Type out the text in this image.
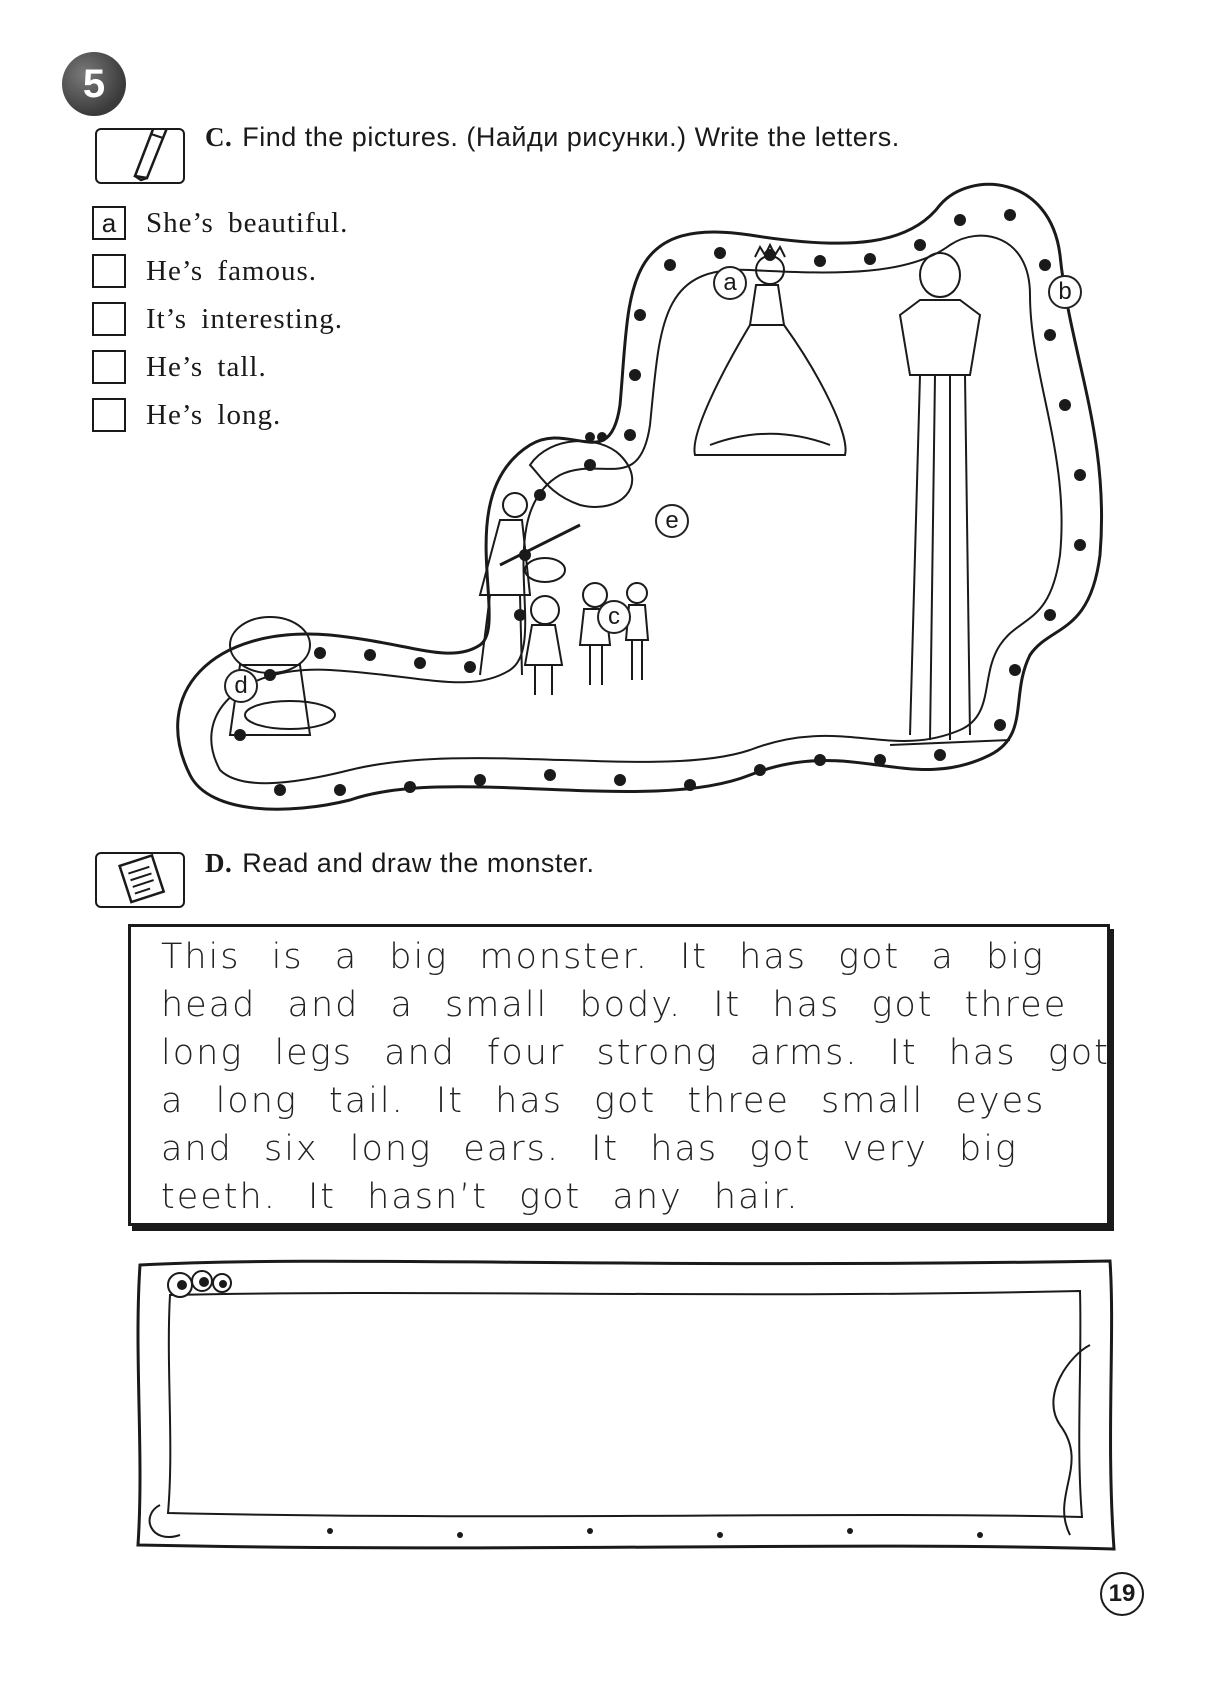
5
C. Find the pictures. (Найди рисунки.) Write the letters.
a	She’s beautiful.
He’s famous.
It’s interesting.
He’s tall.
He’s long.
a	b
c
d
e
D. Read and draw the monster.
This is a big monster. It has got a big
head and a small body. It has got three
long legs and four strong arms. It has got
a long tail. It has got three small eyes
and six long ears. It has got very big
teeth. It hasn’t got any hair.
19
